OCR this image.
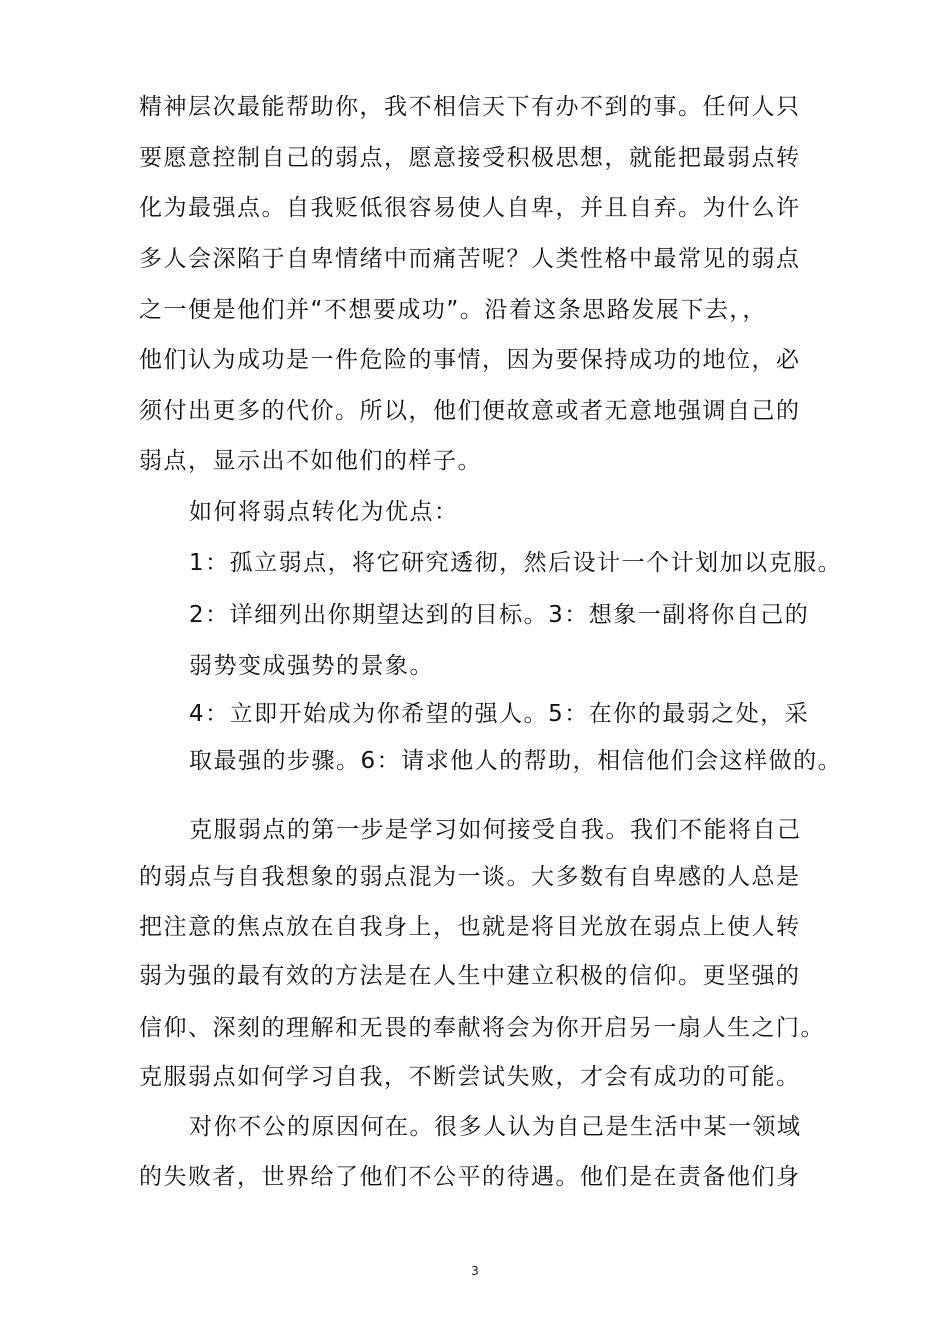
精神层次最能帮助你，我不相信天下有办不到的事。任何人只
要愿意控制自己的弱点，愿意接受积极思想，就能把最弱点转
化为最强点。自我贬低很容易使人自卑，并且自弃。为什么许
多人会深陷于自卑情绪中而痛苦呢？人类性格中最常见的弱点
之一便是他们并“不想要成功”。沿着这条思路发展下去，，
他们认为成功是一件危险的事情，因为要保持成功的地位，必
须付出更多的代价。所以，他们便故意或者无意地强调自己的
弱点，显示出不如他们的样子。
如何将弱点转化为优点：
1：孤立弱点，将它研究透彻，然后设计一个计划加以克服。
2：详细列出你期望达到的目标。3：想象一副将你自己的
弱势变成强势的景象。
4：立即开始成为你希望的强人。5：在你的最弱之处，采
取最强的步骤。6：请求他人的帮助，相信他们会这样做的。
克服弱点的第一步是学习如何接受自我。我们不能将自己
的弱点与自我想象的弱点混为一谈。大多数有自卑感的人总是
把注意的焦点放在自我身上，也就是将目光放在弱点上使人转
弱为强的最有效的方法是在人生中建立积极的信仰。更坚强的
信仰、深刻的理解和无畏的奉献将会为你开启另一扇人生之门。
克服弱点如何学习自我，不断尝试失败，才会有成功的可能。
对你不公的原因何在。很多人认为自己是生活中某一领域
的失败者，世界给了他们不公平的待遇。他们是在责备他们身
3
